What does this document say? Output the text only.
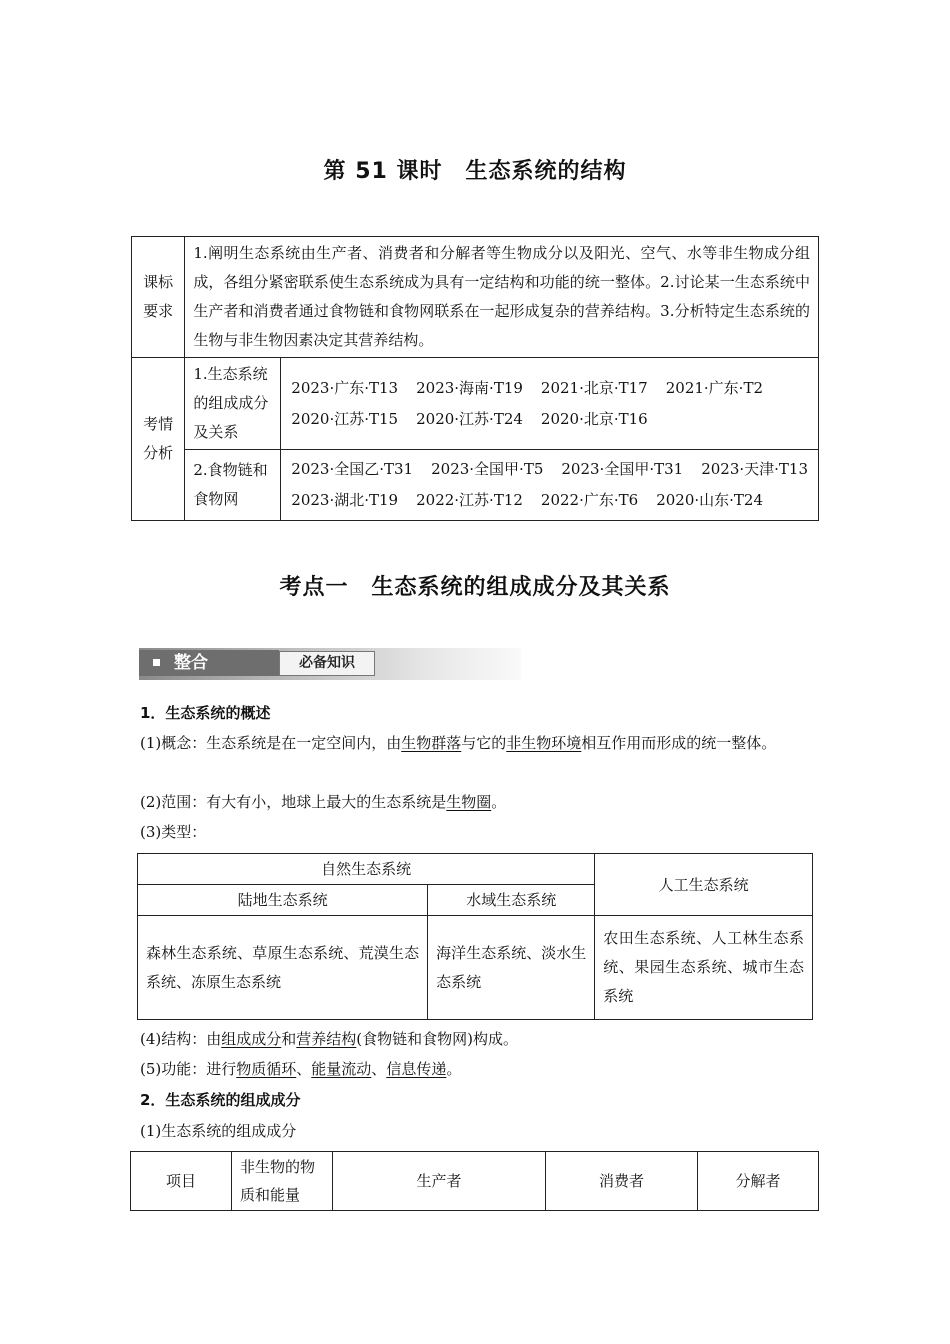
第 51 课时　生态系统的结构
课标
要求	1.阐明生态系统由生产者、消费者和分解者等生物成分以及阳光、空气、水等非生物成分组成，各组分紧密联系使生态系统成为具有一定结构和功能的统一整体。2.讨论某一生态系统中生产者和消费者通过食物链和食物网联系在一起形成复杂的营养结构。3.分析特定生态系统的生物与非生物因素决定其营养结构。	
考情
分析	1.生态系统的组成成分及关系	2023·广东·T13 2023·海南·T19 2021·北京·T17 2021·广东·T2
2020·江苏·T15 2020·江苏·T24 2020·北京·T16
	2.食物链和食物网	2023·全国乙·T31 2023·全国甲·T5 2023·全国甲·T31 2023·天津·T13
2023·湖北·T19 2022·江苏·T12 2022·广东·T6 2020·山东·T24
考点一　生态系统的组成成分及其关系
整合	必备知识
1．生态系统的概述
(1)概念：生态系统是在一定空间内，由生物群落与它的非生物环境相互作用而形成的统一整体。
(2)范围：有大有小，地球上最大的生态系统是生物圈。
(3)类型：
自然生态系统		人工生态系统
陆地生态系统	水域生态系统	
森林生态系统、草原生态系统、荒漠生态系统、冻原生态系统	海洋生态系统、淡水生态系统	农田生态系统、人工林生态系统、果园生态系统、城市生态系统
(4)结构：由组成成分和营养结构(食物链和食物网)构成。
(5)功能：进行物质循环、能量流动、信息传递。
2．生态系统的组成成分
(1)生态系统的组成成分
项目	非生物的物质和能量	生产者	消费者	分解者
